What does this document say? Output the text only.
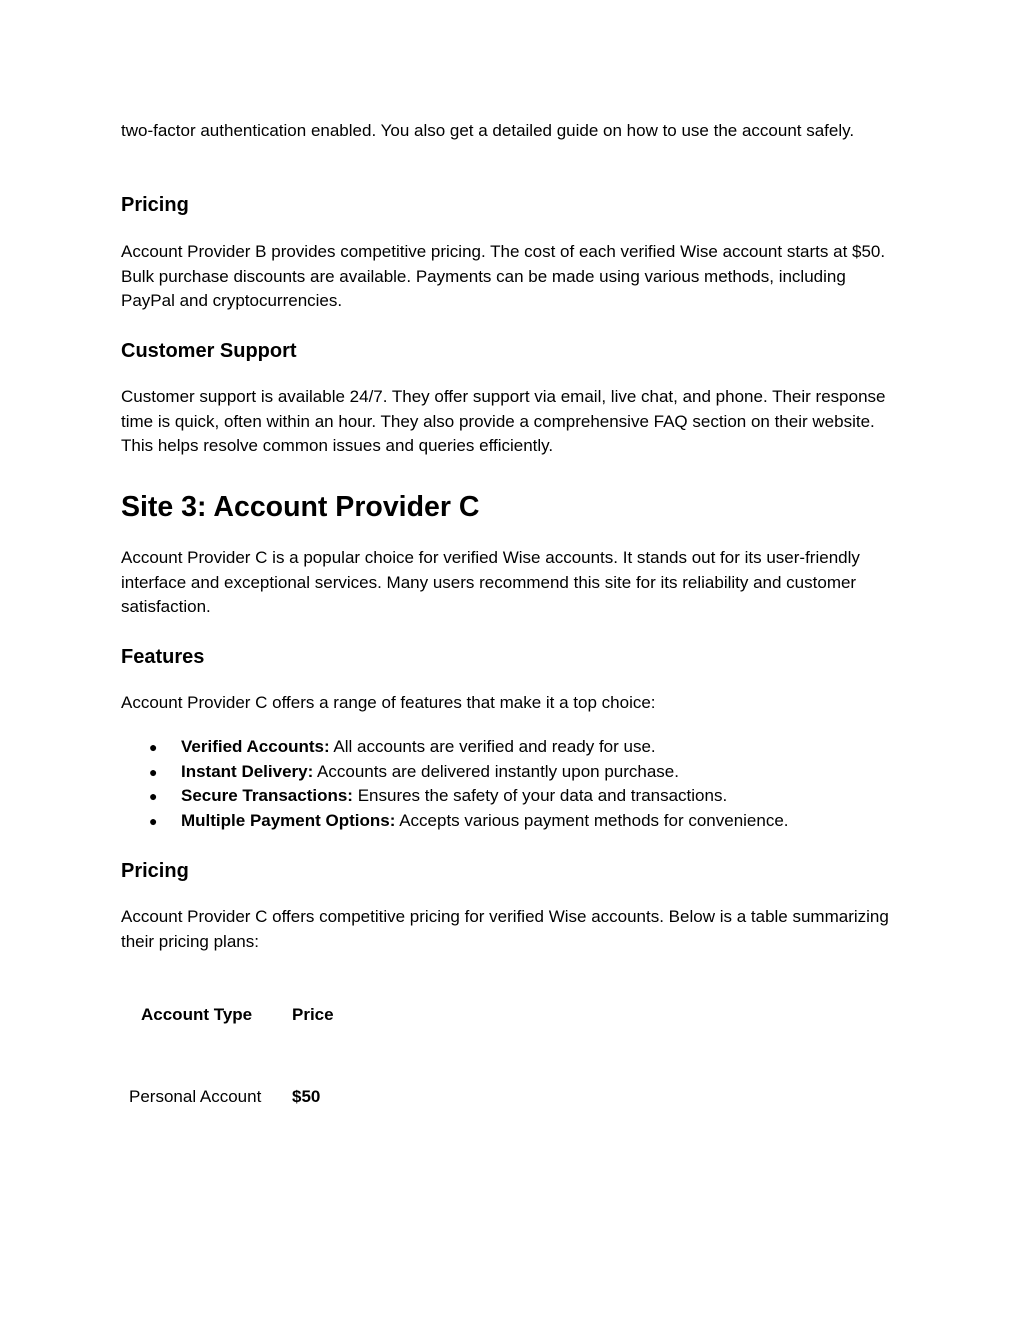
two-factor authentication enabled. You also get a detailed guide on how to use the account safely.

Pricing

Account Provider B provides competitive pricing. The cost of each verified Wise account starts at $50. Bulk purchase discounts are available. Payments can be made using various methods, including PayPal and cryptocurrencies.

Customer Support

Customer support is available 24/7. They offer support via email, live chat, and phone. Their response time is quick, often within an hour. They also provide a comprehensive FAQ section on their website. This helps resolve common issues and queries efficiently.

Site 3: Account Provider C

Account Provider C is a popular choice for verified Wise accounts. It stands out for its user-friendly interface and exceptional services. Many users recommend this site for its reliability and customer satisfaction.

Features

Account Provider C offers a range of features that make it a top choice:

● Verified Accounts: All accounts are verified and ready for use.
● Instant Delivery: Accounts are delivered instantly upon purchase.
● Secure Transactions: Ensures the safety of your data and transactions.
● Multiple Payment Options: Accepts various payment methods for convenience.
Pricing

Account Provider C offers competitive pricing for verified Wise accounts. Below is a table summarizing their pricing plans:

Account Type Price
Personal Account $50
